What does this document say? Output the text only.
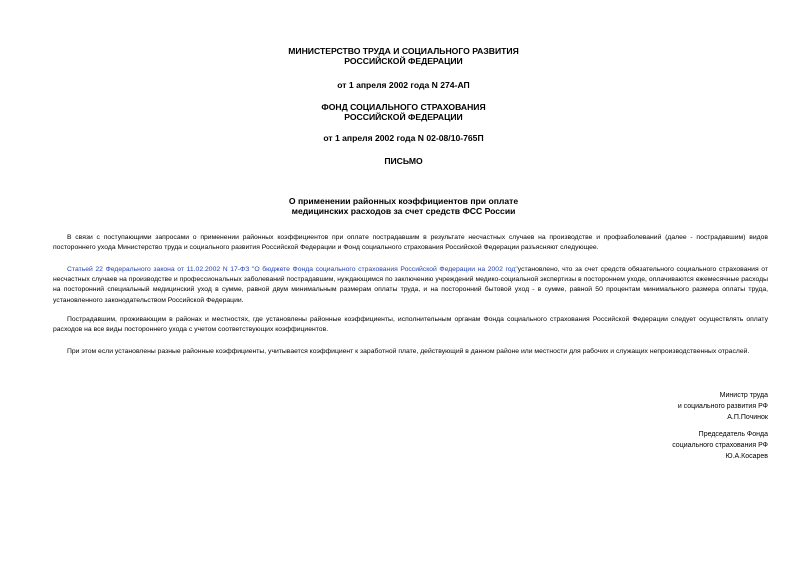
МИНИСТЕРСТВО ТРУДА И СОЦИАЛЬНОГО РАЗВИТИЯ
РОССИЙСКОЙ ФЕДЕРАЦИИ
от 1 апреля 2002 года N 274-АП
ФОНД СОЦИАЛЬНОГО СТРАХОВАНИЯ
РОССИЙСКОЙ ФЕДЕРАЦИИ
от 1 апреля 2002 года N 02-08/10-765П
ПИСЬМО
О применении районных коэффициентов при оплате
медицинских расходов за счет средств ФСС России

В связи с поступающими запросами о применении районных коэффициентов при оплате пострадавшим в результате несчастных случаев на производстве и профзаболеваний (далее - пострадавшим) видов постороннего ухода Министерство труда и социального развития Российской Федерации и Фонд социального страхования Российской Федерации разъясняют следующее.

Статьей 22 Федерального закона от 11.02.2002 N 17-ФЗ "О бюджете Фонда социального страхования Российской Федерации на 2002 год"установлено, что за счет средств обязательного социального страхования от несчастных случаев на производстве и профессиональных заболеваний пострадавшим, нуждающимся по заключению учреждений медико-социальной экспертизы в постороннем уходе, оплачиваются ежемесячные расходы на посторонний специальный медицинский уход в сумме, равной двум минимальным размерам оплаты труда, и на посторонний бытовой уход - в сумме, равной 50 процентам минимального размера оплаты труда, установленного законодательством Российской Федерации.

Пострадавшим, проживающим в районах и местностях, где установлены районные коэффициенты, исполнительным органам Фонда социального страхования Российской Федерации следует осуществлять оплату расходов на все виды постороннего ухода с учетом соответствующих коэффициентов.

При этом если установлены разные районные коэффициенты, учитывается коэффициент к заработной плате, действующий в данном районе или местности для рабочих и служащих непроизводственных отраслей.

Министр труда
и социального развития РФ
А.П.Починок
Председатель Фонда
социального страхования РФ
Ю.А.Косарев
